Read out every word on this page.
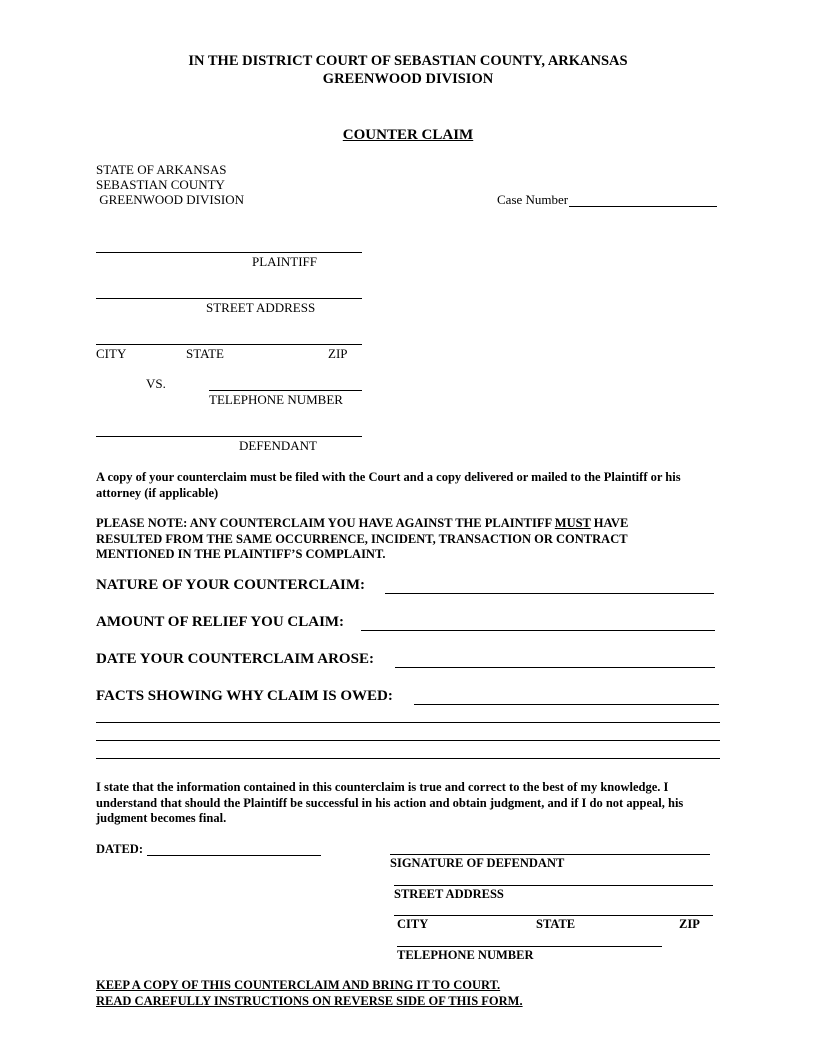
IN THE DISTRICT COURT OF SEBASTIAN COUNTY, ARKANSAS
GREENWOOD DIVISION
COUNTER CLAIM
STATE OF ARKANSAS
SEBASTIAN COUNTY
GREENWOOD DIVISION	Case Number
PLAINTIFF
STREET ADDRESS
CITY	STATE	ZIP
VS.
TELEPHONE NUMBER
DEFENDANT
A copy of your counterclaim must be filed with the Court and a copy delivered or mailed to the Plaintiff or his attorney (if applicable)
PLEASE NOTE: ANY COUNTERCLAIM YOU HAVE AGAINST THE PLAINTIFF MUST HAVE RESULTED FROM THE SAME OCCURRENCE, INCIDENT, TRANSACTION OR CONTRACT MENTIONED IN THE PLAINTIFF’S COMPLAINT.
NATURE OF YOUR COUNTERCLAIM:
AMOUNT OF RELIEF YOU CLAIM:
DATE YOUR COUNTERCLAIM AROSE:
FACTS SHOWING WHY CLAIM IS OWED:
I state that the information contained in this counterclaim is true and correct to the best of my knowledge. I understand that should the Plaintiff be successful in his action and obtain judgment, and if I do not appeal, his judgment becomes final.
DATED:
SIGNATURE OF DEFENDANT
STREET ADDRESS
CITY	STATE	ZIP
TELEPHONE NUMBER
KEEP A COPY OF THIS COUNTERCLAIM AND BRING IT TO COURT.
READ CAREFULLY INSTRUCTIONS ON REVERSE SIDE OF THIS FORM.
